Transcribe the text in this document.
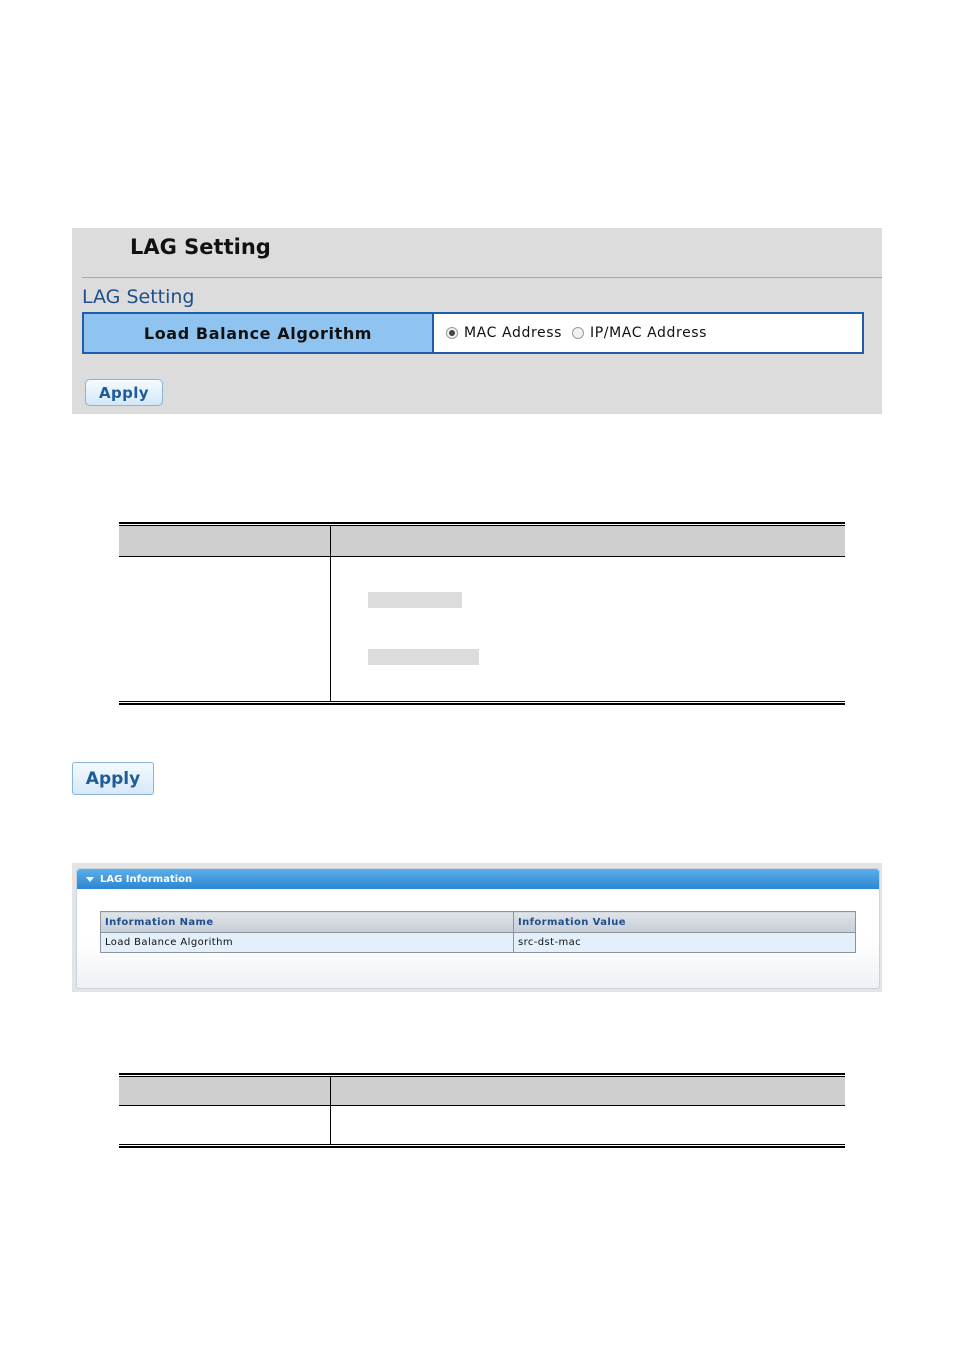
LAG Setting
LAG Setting
Load Balance Algorithm	MAC Address IP/MAC Address
Apply
Apply
LAG Information
Information Name	Information Value
Load Balance Algorithm	src-dst-mac
